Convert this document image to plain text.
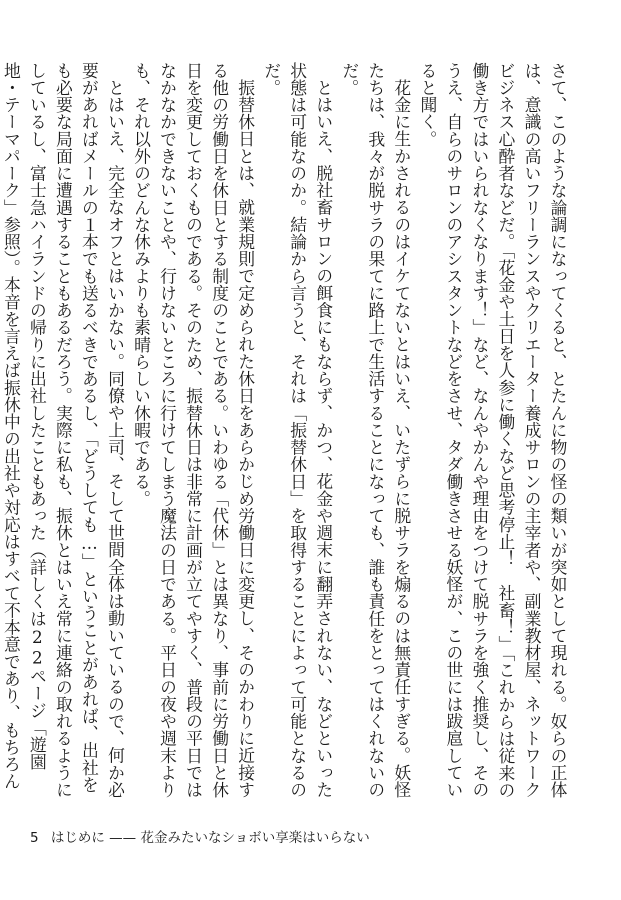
さて、このような論調になってくると、とたんに物の怪の類いが突如として現れる。奴らの正体は、意識の高いフリーランスやクリエーター養成サロンの主宰者や、副業教材屋、ネットワークビジネス心酔者などだ。「花金や土日を人参に働くなど思考停止！　社畜！」「これからは従来の働き方ではいられなくなります！」など、なんやかんや理由をつけて脱サラを強く推奨し、そのうえ、自らのサロンのアシスタントなどをさせ、タダ働きさせる妖怪が、この世には跋扈していると聞く。

花金に生かされるのはイケてないとはいえ、いたずらに脱サラを煽るのは無責任すぎる。妖怪たちは、我々が脱サラの果てに路上で生活することになっても、誰も責任をとってはくれないのだ。

とはいえ、脱社畜サロンの餌食にもならず、かつ、花金や週末に翻弄されない、などといった状態は可能なのか。結論から言うと、それは「振替休日」を取得することによって可能となるのだ。

振替休日とは、就業規則で定められた休日をあらかじめ労働日に変更し、そのかわりに近接する他の労働日を休日とする制度のことである。いわゆる「代休」とは異なり、事前に労働日と休日を変更しておくものである。そのため、振替休日は非常に計画が立てやすく、普段の平日ではなかなかできないことや、行けないところに行けてしまう魔法の日である。平日の夜や週末よりも、それ以外のどんな休みよりも素晴らしい休暇である。

とはいえ、完全なオフとはいかない。同僚や上司、そして世間全体は動いているので、何か必要があればメールの１本でも送るべきであるし、「どうしても…」ということがあれば、出社をも必要な局面に遭遇することもあるだろう。実際に私も、振休とはいえ常に連絡の取れるようにしているし、富士急ハイランドの帰りに出社したこともあった（詳しくは22ページ「遊園地・テーマパーク」参照）。本音を言えば振休中の出社や対応はすべて不本意であり、もちろん

5 はじめに —— 花金みたいなショボい享楽はいらない
